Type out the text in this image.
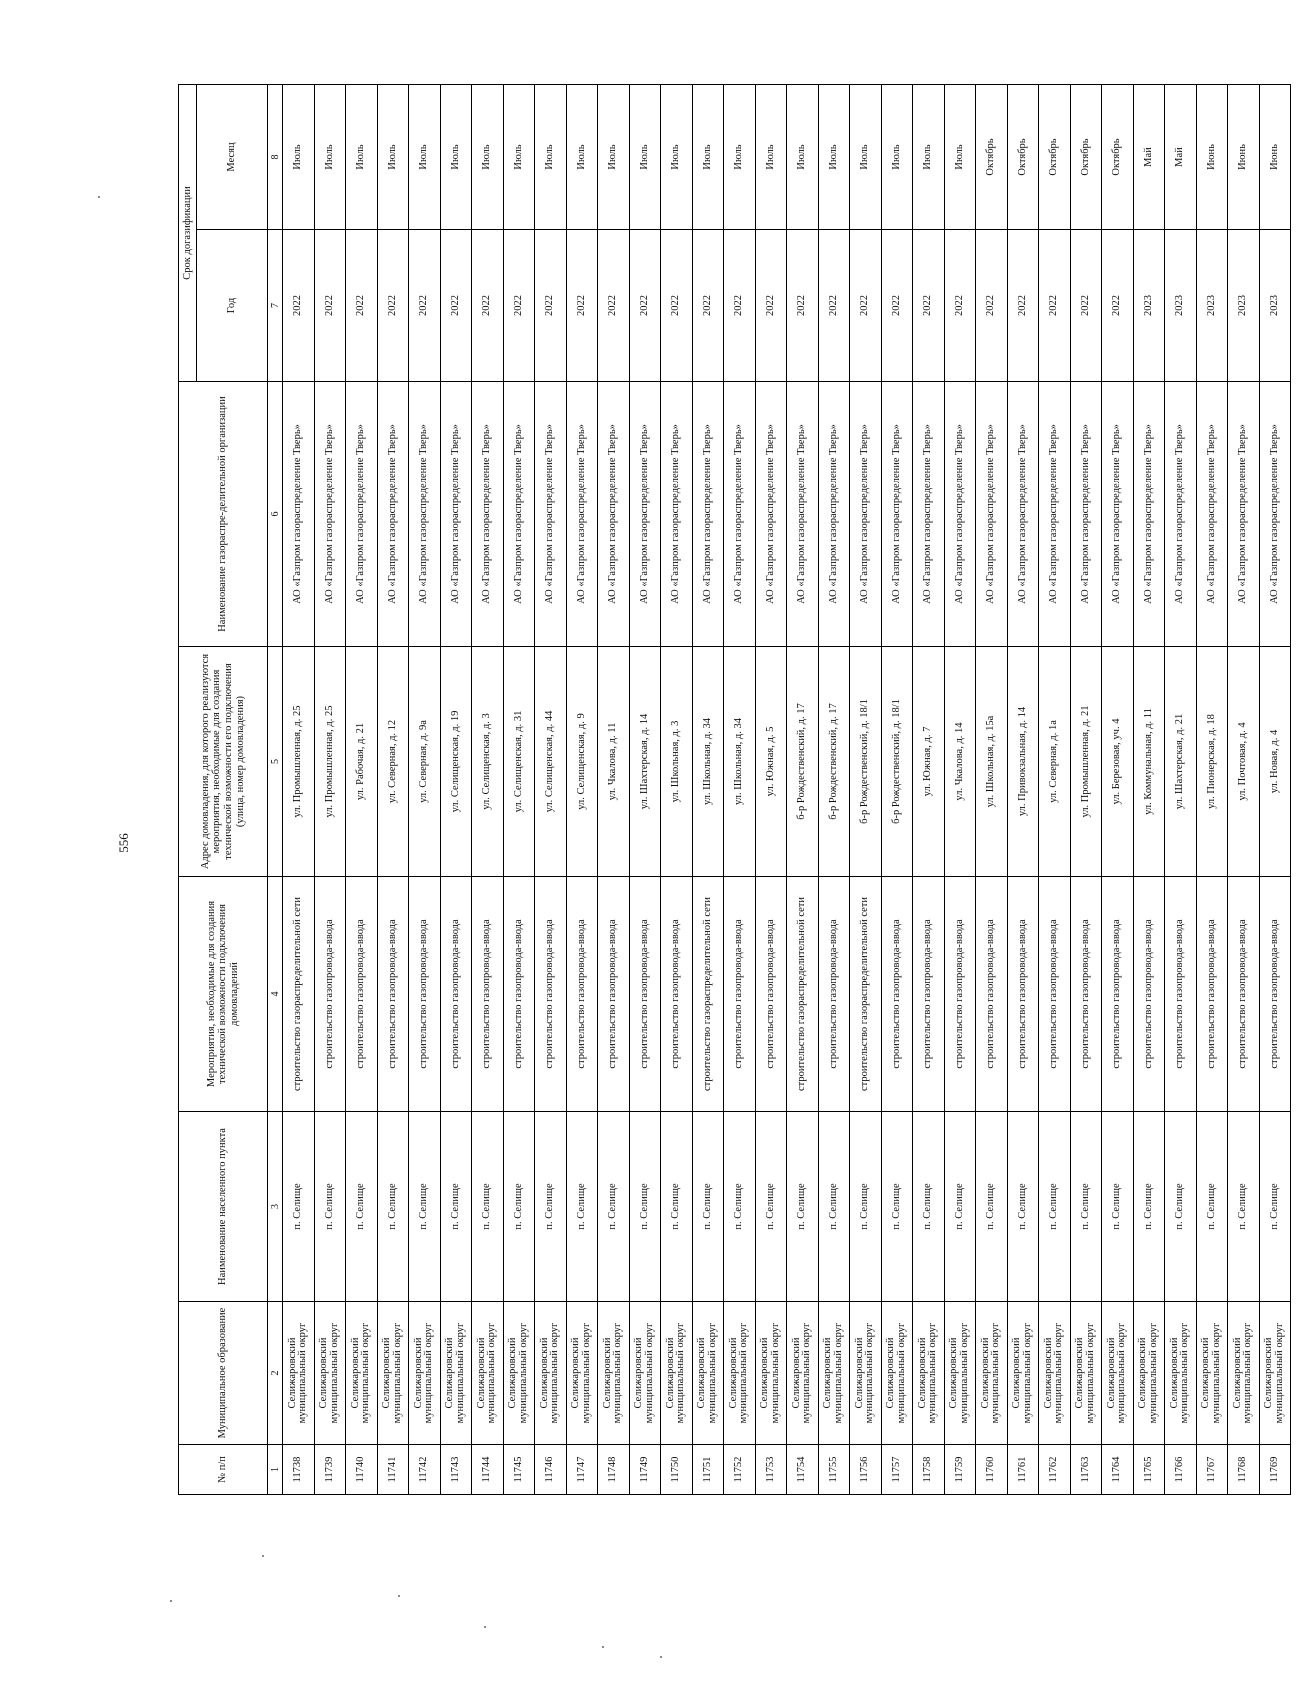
556
№ п/п	Муниципальное образование	Наименование населенного пункта	Мероприятия, необходимые для создания технической возможности подключения домовладений	Адрес домовладения, для которого реализуются мероприятия, необходимые для создания технической возможности его подключения (улица, номер домовладения)	Наименование газораспре-делительной организации	Срок догазификации	
						Год	Месяц
1	2	3	4	5	6	7	8
11738	Селижаровский муниципальный округ	п. Селище	строительство газораспределительной сети	ул. Промышленная, д. 25	АО «Газпром газораспределение Тверь»	2022	Июль
11739	Селижаровский муниципальный округ	п. Селище	строительство газопровода-ввода	ул. Промышленная, д. 25	АО «Газпром газораспределение Тверь»	2022	Июль
11740	Селижаровский муниципальный округ	п. Селище	строительство газопровода-ввода	ул. Рабочая, д. 21	АО «Газпром газораспределение Тверь»	2022	Июль
11741	Селижаровский муниципальный округ	п. Селище	строительство газопровода-ввода	ул. Северная, д. 12	АО «Газпром газораспределение Тверь»	2022	Июль
11742	Селижаровский муниципальный округ	п. Селище	строительство газопровода-ввода	ул. Северная, д. 9а	АО «Газпром газораспределение Тверь»	2022	Июль
11743	Селижаровский муниципальный округ	п. Селище	строительство газопровода-ввода	ул. Селищенская, д. 19	АО «Газпром газораспределение Тверь»	2022	Июль
11744	Селижаровский муниципальный округ	п. Селище	строительство газопровода-ввода	ул. Селищенская, д. 3	АО «Газпром газораспределение Тверь»	2022	Июль
11745	Селижаровский муниципальный округ	п. Селище	строительство газопровода-ввода	ул. Селищенская, д. 31	АО «Газпром газораспределение Тверь»	2022	Июль
11746	Селижаровский муниципальный округ	п. Селище	строительство газопровода-ввода	ул. Селищенская, д. 44	АО «Газпром газораспределение Тверь»	2022	Июль
11747	Селижаровский муниципальный округ	п. Селище	строительство газопровода-ввода	ул. Селищенская, д. 9	АО «Газпром газораспределение Тверь»	2022	Июль
11748	Селижаровский муниципальный округ	п. Селище	строительство газопровода-ввода	ул. Чкалова, д. 11	АО «Газпром газораспределение Тверь»	2022	Июль
11749	Селижаровский муниципальный округ	п. Селище	строительство газопровода-ввода	ул. Шахтерская, д. 14	АО «Газпром газораспределение Тверь»	2022	Июль
11750	Селижаровский муниципальный округ	п. Селище	строительство газопровода-ввода	ул. Школьная, д. 3	АО «Газпром газораспределение Тверь»	2022	Июль
11751	Селижаровский муниципальный округ	п. Селище	строительство газораспределительной сети	ул. Школьная, д. 34	АО «Газпром газораспределение Тверь»	2022	Июль
11752	Селижаровский муниципальный округ	п. Селище	строительство газопровода-ввода	ул. Школьная, д. 34	АО «Газпром газораспределение Тверь»	2022	Июль
11753	Селижаровский муниципальный округ	п. Селище	строительство газопровода-ввода	ул. Южная, д. 5	АО «Газпром газораспределение Тверь»	2022	Июль
11754	Селижаровский муниципальный округ	п. Селище	строительство газораспределительной сети	б-р Рождественский, д. 17	АО «Газпром газораспределение Тверь»	2022	Июль
11755	Селижаровский муниципальный округ	п. Селище	строительство газопровода-ввода	б-р Рождественский, д. 17	АО «Газпром газораспределение Тверь»	2022	Июль
11756	Селижаровский муниципальный округ	п. Селище	строительство газораспределительной сети	б-р Рождественский, д. 18/1	АО «Газпром газораспределение Тверь»	2022	Июль
11757	Селижаровский муниципальный округ	п. Селище	строительство газопровода-ввода	б-р Рождественский, д. 18/1	АО «Газпром газораспределение Тверь»	2022	Июль
11758	Селижаровский муниципальный округ	п. Селище	строительство газопровода-ввода	ул. Южная, д. 7	АО «Газпром газораспределение Тверь»	2022	Июль
11759	Селижаровский муниципальный округ	п. Селище	строительство газопровода-ввода	ул. Чкалова, д. 14	АО «Газпром газораспределение Тверь»	2022	Июль
11760	Селижаровский муниципальный округ	п. Селище	строительство газопровода-ввода	ул. Школьная, д. 15а	АО «Газпром газораспределение Тверь»	2022	Октябрь
11761	Селижаровский муниципальный округ	п. Селище	строительство газопровода-ввода	ул. Привокзальная, д. 14	АО «Газпром газораспределение Тверь»	2022	Октябрь
11762	Селижаровский муниципальный округ	п. Селище	строительство газопровода-ввода	ул. Северная, д. 1а	АО «Газпром газораспределение Тверь»	2022	Октябрь
11763	Селижаровский муниципальный округ	п. Селище	строительство газопровода-ввода	ул. Промышленная, д. 21	АО «Газпром газораспределение Тверь»	2022	Октябрь
11764	Селижаровский муниципальный округ	п. Селище	строительство газопровода-ввода	ул. Березовая, уч. 4	АО «Газпром газораспределение Тверь»	2022	Октябрь
11765	Селижаровский муниципальный округ	п. Селище	строительство газопровода-ввода	ул. Коммунальная, д. 11	АО «Газпром газораспределение Тверь»	2023	Май
11766	Селижаровский муниципальный округ	п. Селище	строительство газопровода-ввода	ул. Шахтерская, д. 21	АО «Газпром газораспределение Тверь»	2023	Май
11767	Селижаровский муниципальный округ	п. Селище	строительство газопровода-ввода	ул. Пионерская, д. 18	АО «Газпром газораспределение Тверь»	2023	Июнь
11768	Селижаровский муниципальный округ	п. Селище	строительство газопровода-ввода	ул. Почтовая, д. 4	АО «Газпром газораспределение Тверь»	2023	Июнь
11769	Селижаровский муниципальный округ	п. Селище	строительство газопровода-ввода	ул. Новая, д. 4	АО «Газпром газораспределение Тверь»	2023	Июнь
